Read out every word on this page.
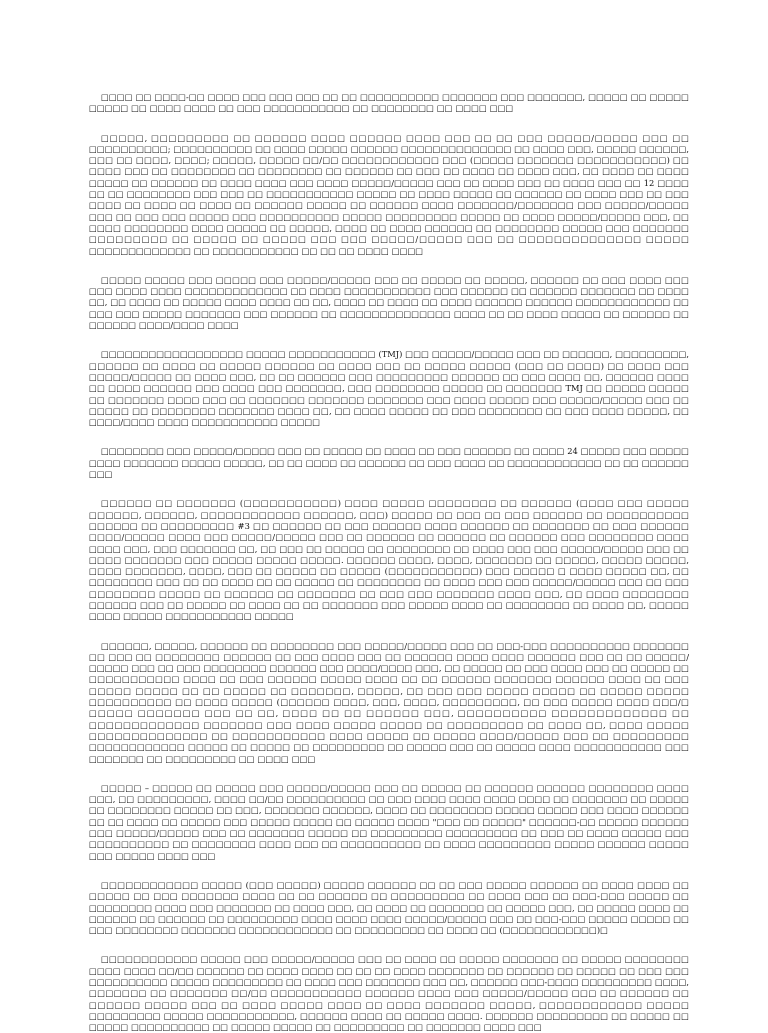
□□□□ □□ □□□□-□□ □□□□ □□□ □□□ □□□ □□ □□ □□□□□□□□□□ □□□□□□□ □□□ □□□□□□□, □□□□□ □□ □□□□□ □□□□□ □□ □□□□ □□□□ □□ □□□ □□□□□□□□□□□ □□ □□□□□□□□ □□ □□□□ □□□

□□□□□, □□□□□□□□□ □□ □□□□□□ □□□□ □□□□□□ □□□□ □□□ □□ □□ □□□ □□□□□/□□□□□ □□□ □□ □□□□□□□□□□; □□□□□□□□□□ □□ □□□□ □□□□□ □□□□□□ □□□□□□□□□□□□□□ □□ □□□□ □□□, □□□□□ □□□□□□, □□□ □□ □□□□, □□□□; □□□□□, □□□□□ □□/□□ □□□□□□□□□□□□ □□□ (□□□□□ □□□□□□□ □□□□□□□□□□□) □□ □□□□ □□□ □□ □□□□□□□□ □□ □□□□□□□□ □□ □□□□□□ □□ □□□ □□ □□□□ □□ □□□□ □□□, □□ □□□□ □□ □□□□ □□□□□ □□ □□□□□□ □□ □□□□ □□□□ □□□ □□□□ □□□□□/□□□□□ □□□ □□ □□□□ □□□ □□ □□□□ □□□ □□ 12 □□□□ □□ □□ □□□□□□□□ □□□ □□□ □□ □□□□□□□□□□□ □□□□□ □□ □□□□ □□□□□ □□ □□□□□□ □□ □□□□ □□□ □□ □□□ □□□□ □□ □□□□ □□ □□□□ □□ □□□□□□ □□□□□ □□ □□□□□□ □□□□ □□□□□□□/□□□□□□□ □□□ □□□□□/□□□□□ □□□ □□ □□□ □□□ □□□□□ □□□ □□□□□□□□□□ □□□□□ □□□□□□□□□ □□□□□ □□ □□□□ □□□□□/□□□□□ □□□, □□ □□□□ □□□□□□□□ □□□□ □□□□□ □□ □□□□□, □□□□ □□ □□□□ □□□□□□ □□ □□□□□□□□ □□□□□ □□□ □□□□□□□ □□□□□□□□□ □□ □□□□□ □□ □□□□□ □□□ □□□ □□□□□/□□□□□ □□□ □□ □□□□□□□□□□□□□□ □□□□□ □□□□□□□□□□□□□ □□ □□□□□□□□□□□ □□ □□ □□ □□□□ □□□□

□□□□□ □□□□□ □□□ □□□□□ □□□ □□□□□/□□□□□ □□□ □□ □□□□□ □□ □□□□□, □□□□□□ □□ □□□ □□□□ □□□ □□□ □□□□ □□□□ □□□□□□□□□□□□□ □□ □□□□ □□□□□□□□□□□ □□□ □□□□□□ □□ □□□□□□ □□□□□□□ □□ □□□□ □□, □□ □□□□ □□ □□□□□ □□□□ □□□□ □□ □□, □□□□ □□ □□□□ □□ □□□□ □□□□□□ □□□□□□ □□□□□□□□□□□□ □□ □□□ □□□ □□□□□ □□□□□□□ □□□ □□□□□□ □□ □□□□□□□□□□□□□□ □□□□ □□ □□ □□□□ □□□□□ □□ □□□□□□ □□ □□□□□□ □□□□/□□□□ □□□□

□□□□□□□□□□□□□□□□□□ □□□□□ □□□□□□□□□□□ (TMJ) □□□ □□□□□/□□□□□ □□□ □□ □□□□□□, □□□□□□□□□, □□□□□□ □□ □□□□ □□ □□□□□ □□□□□□ □□ □□□□ □□□ □□ □□□□□ □□□□□ (□□□ □□ □□□□) □□ □□□□ □□□ □□□□□/□□□□□ □□ □□□□ □□□, □□ □□ □□□□□□ □□□ □□□□□□□□□ □□□□□□ □□ □□□ □□□□ □□, □□□□□□ □□□□ □□ □□□□ □□□□□□ □□□ □□□□ □□□ □□□□□□□, □□□ □□□□□□□□ □□□□□ □□ □□□□□□□ TMJ □□ □□□□□ □□□□□ □□ □□□□□□□ □□□□ □□□ □□ □□□□□□□ □□□□□□□ □□□□□□□ □□□ □□□□ □□□□□ □□□ □□□□□/□□□□□ □□□ □□ □□□□□ □□ □□□□□□□□ □□□□□□□ □□□□ □□, □□ □□□□ □□□□□ □□ □□□ □□□□□□□□ □□ □□□ □□□□ □□□□□, □□ □□□□/□□□□ □□□□ □□□□□□□□□□□ □□□□□

□□□□□□□□ □□□ □□□□□/□□□□□ □□□ □□ □□□□□ □□ □□□□ □□ □□□ □□□□□□ □□ □□□□ 24 □□□□□ □□□ □□□□□ □□□□ □□□□□□□ □□□□□ □□□□□, □□ □□ □□□□ □□ □□□□□□ □□ □□□ □□□□ □□ □□□□□□□□□□□□ □□ □□ □□□□□□ □□□

□□□□□□ □□ □□□□□□□ (□□□□□□□□□□□) □□□□ □□□□□ □□□□□□□□ □□ □□□□□□ (□□□□ □□□ □□□□□ □□□□□□, □□□□□□, □□□□□□□□□□□□ □□□□□□, □□□) □□□□□ □□ □□□ □□ □□□ □□□□□□ □□ □□□□□□□□□□ □□□□□□ □□ □□□□□□□□□ #3 □□ □□□□□□ □□ □□□ □□□□□□ □□□□ □□□□□□ □□ □□□□□□□ □□ □□□ □□□□□□ □□□□/□□□□□ □□□□ □□□ □□□□□/□□□□□ □□□ □□ □□□□□□ □□ □□□□□□ □□ □□□□□□ □□□ □□□□□□□□ □□□□ □□□□ □□□, □□□ □□□□□□□ □□, □□ □□□ □□ □□□□□ □□ □□□□□□□□ □□ □□□□ □□□ □□□ □□□□□/□□□□□ □□□ □□ □□□□ □□□□□□□ □□□ □□□□□ □□□□□ □□□□□. □□□□□□ □□□□, □□□□, □□□□□□□ □□ □□□□□, □□□□□ □□□□□, □□□□ □□□□□□□, □□□□, □□□ □□ □□□□□ □□ □□□□□ (□□□□□□□□□□□) □□□ □□□□□ □ □□□□ □□□□□ □□, □□ □□□□□□□□ □□□ □□ □□ □□□□ □□ □□ □□□□□ □□ □□□□□□□□ □□ □□□□ □□□ □□□ □□□□□/□□□□□ □□□ □□ □□□ □□□□□□□□ □□□□□ □□ □□□□□□ □□ □□□□□□□ □□ □□□ □□□ □□□□□□□ □□□□ □□□, □□ □□□□ □□□□□□□□ □□□□□□ □□□ □□ □□□□□ □□ □□□□ □□ □□ □□□□□□□ □□□ □□□□□ □□□□ □□ □□□□□□□□ □□ □□□□ □□, □□□□□ □□□□ □□□□□ □□□□□□□□□□□ □□□□□

□□□□□□, □□□□□, □□□□□□ □□ □□□□□□□□ □□□ □□□□□/□□□□□ □□□ □□ □□□-□□□ □□□□□□□□□□ □□□□□□□ □□ □□□ □□ □□□□□□□□ □□□□□□ □□ □□□ □□□□ □□□ □□ □□□□□□ □□□□ □□□□ □□□□□□ □□□ □□ □□ □□□□□/□□□□□ □□□ □□ □□□ □□□□□□□□ □□□□□□ □□□ □□□□/□□□□ □□□, □□ □□□□□ □□ □□□ □□□□ □□□ □□ □□□□□ □□ □□□□□□□□□□□ □□□□ □□ □□□ □□□□□□ □□□□□ □□□□ □□ □□ □□□□□□ □□□□□□□ □□□□□□ □□□□ □□ □□□ □□□□□ □□□□□ □□ □□ □□□□□ □□ □□□□□□□, □□□□□, □□ □□□ □□□ □□□□□ □□□□□ □□ □□□□□ □□□□□ □□□□□□□□□□ □□ □□□□ □□□□□ (□□□□□□ □□□□, □□□, □□□□, □□□□□□□□□, □□ □□□ □□□□□ □□□□ □□□/□ □□□□□ □□□□□□□ □□□ □□ □□, □□□□ □□ □□ □□□□□□ □□□, □□□□□□□□□□ □□□□□□□□□□□□□ □□ □□□□□□□□□□□□□ □□□□□□□ □□□ □□□□ □□□□□ □□□□□ □□ □□□□□□□□□ □□ □□□□ □□, □□□□ □□□□□ □□□□□□□□□□□□□□ □□ □□□□□□□□□□□ □□□□ □□□□□ □□ □□□□□ □□□□/□□□□□ □□□ □□ □□□□□□□□□ □□□□□□□□□□□□ □□□□□ □□ □□□□□ □□ □□□□□□□□□ □□ □□□□□ □□□ □□ □□□□□ □□□□ □□□□□□□□□□□ □□□ □□□□□□□ □□ □□□□□□□□□ □□ □□□□ □□□

□□□□□ – □□□□□ □□ □□□□□ □□□ □□□□□/□□□□□ □□□ □□ □□□□□ □□ □□□□□□ □□□□□□ □□□□□□□□ □□□□ □□□, □□ □□□□□□□□□, □□□□ □□/□□ □□□□□□□□□□ □□ □□□ □□□□ □□□□ □□□□ □□□□ □□ □□□□□□□ □□ □□□□□ □□ □□□□□□□□ □□□□□ □□ □□□, □□□□□□□ □□□□□□, □□□□ □□ □□□□□□□□ □□□□□ □□□□□ □□□ □□□□ □□□□□□ □□ □□ □□□□ □□ □□□□□ □□□ □□□□□ □□□□□ □□ □□□□□ □□□□ "□□□ □□ □□□□□" □□□□□□-□□ □□□□□ □□□□□□ □□□ □□□□□/□□□□□ □□□ □□ □□□□□□□ □□□□□ □□ □□□□□□□□□ □□□□□□□□□ □□ □□□ □□ □□□□ □□□□□ □□□ □□□□□□□□□□ □□ □□□□□□□□ □□□□ □□□ □□ □□□□□□□□□□ □□ □□□□ □□□□□□□□□ □□□□□ □□□□□□ □□□□□ □□□ □□□□□ □□□□ □□□

□□□□□□□□□□□□ □□□□□ (□□□ □□□□□) □□□□□ □□□□□□ □□ □□ □□□ □□□□□ □□□□□□ □□ □□□□ □□□□ □□ □□□□□ □□ □□□ □□□□□□□ □□□□ □□ □□ □□□□□□ □□ □□□□□□□□□ □□ □□□□ □□□ □□ □□□-□□□ □□□□□ □□ □□□□□□□□ □□□□ □□□ □□□□□□□ □□ □□□□ □□□, □□ □□□□ □□ □□□□□□□ □□ □□□□□ □□□, □□ □□□□□ □□□□ □□ □□□□□□ □□ □□□□□□ □□ □□□□□□□□□ □□□□ □□□□ □□□□ □□□□□/□□□□□ □□□ □□ □□□-□□□ □□□□□ □□□□□ □□ □□□ □□□□□□□□ □□□□□□□ □□□□□□□□□□□□ □□ □□□□□□□□□ □□ □□□□ □□ (□□□□□□□□□□□□)□

□□□□□□□□□□□□ □□□□□ □□□ □□□□□/□□□□□ □□□ □□ □□□□ □□ □□□□□ □□□□□□□ □□ □□□□□ □□□□□□□□ □□□□ □□□□ □□/□□ □□□□□□ □□ □□□□ □□□□ □□ □□ □□ □□□□ □□□□□□□ □□ □□□□□□ □□ □□□□□ □□ □□□ □□□ □□□□□□□□□□ □□□□□ □□□□□□□□□ □□ □□□□ □□□ □□□□□□□ □□□ □□, □□□□□□ □□□-□□□□ □□□□□□□□□ □□□□, □□□□□□□ □□ □□□□□□□ □□/□□ □□□□□□□□□□□ □□□□□□ □□□□ □□□ □□□□□/□□□□□ □□□ □□ □□□□□□ □□ □□□□□□ □□□□□ □□□ □□ □□□□ □□□□□ □□□□ □□ □□□□ □□□□□□□ □□□□□, □□□□□□□□□□□□ □□□□□ □□□□□□□□□ □□□□□ □□□□□□□□□□□, □□□□□□ □□□□ □□ □□□□□ □□□□. □□□□□□ □□□□□□□□□ □□ □□□□□ □□ □□□□□ □□□□□□□□□□ □□ □□□□□ □□□□□ □□ □□□□□□□□□ □□ □□□□□□□ □□□□ □□□
